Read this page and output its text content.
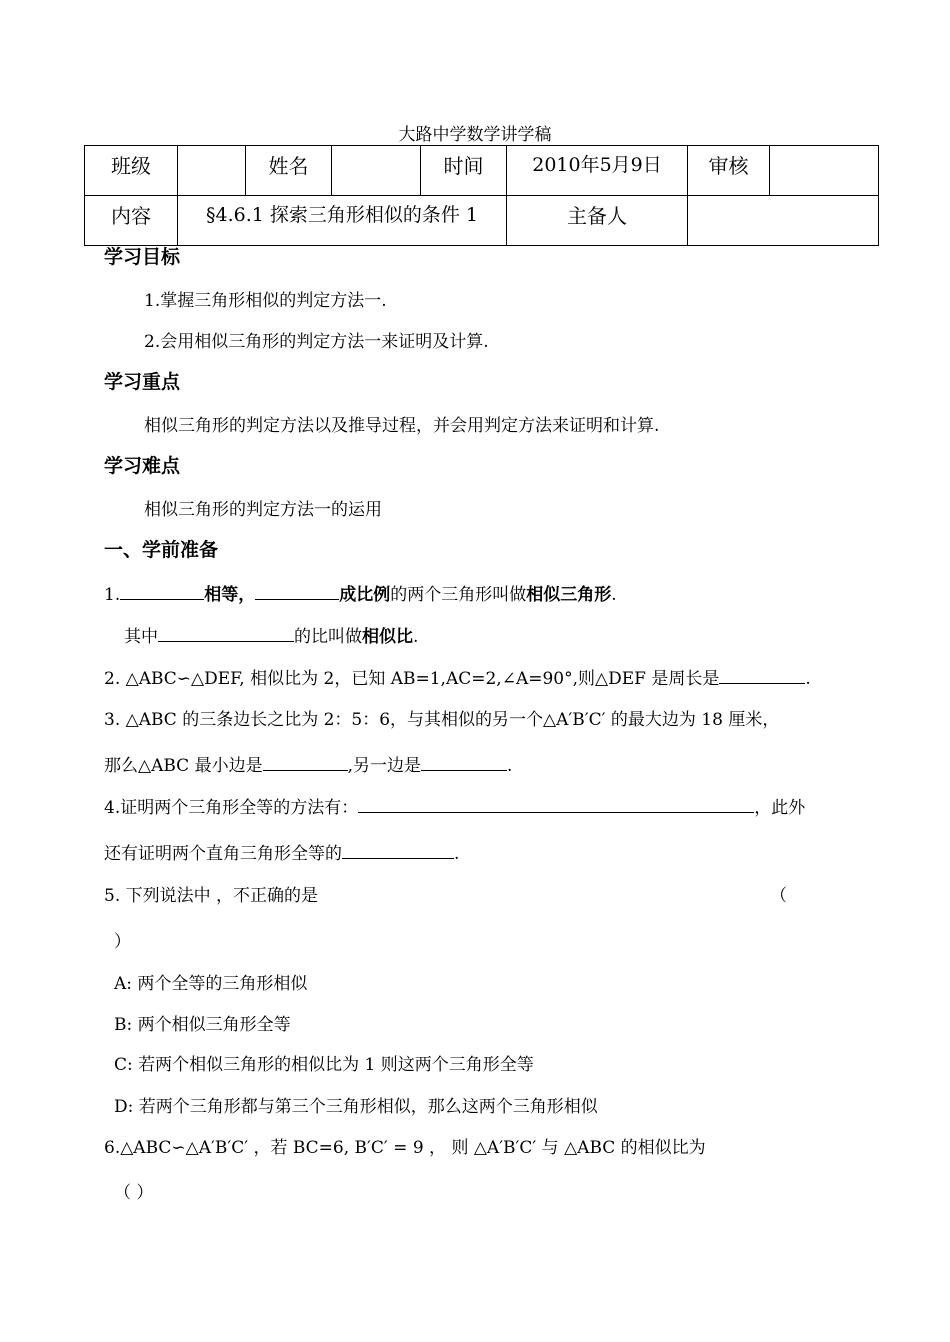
大路中学数学讲学稿
班级		姓名		时间	2010年5月9日	审核	
内容	§4.6.1 探索三角形相似的条件 1				主备人		
学习目标
1.掌握三角形相似的判定方法一.
2.会用相似三角形的判定方法一来证明及计算.
学习重点
相似三角形的判定方法以及推导过程，并会用判定方法来证明和计算.
学习难点
相似三角形的判定方法一的运用
一、学前准备
1.	相等，	成比例的两个三角形叫做相似三角形.
其中	的比叫做相似比.
2. △ABC∽△DEF, 相似比为 2，已知 AB=1,AC=2,∠A=90°,则△DEF 是周长是	.
3. △ABC 的三条边长之比为 2：5：6，与其相似的另一个△A′B′C′ 的最大边为 18 厘米，
那么△ABC 最小边是	,另一边是	.
4.证明两个三角形全等的方法有：	，此外
还有证明两个直角三角形全等的	.
5. 下列说法中 ，不正确的是	（
）
A: 两个全等的三角形相似
B: 两个相似三角形全等
C: 若两个相似三角形的相似比为 1 则这两个三角形全等
D: 若两个三角形都与第三个三角形相似，那么这两个三角形相似
6.△ABC∽△A′B′C′ ，若 BC=6, B′C′ = 9 ， 则 △A′B′C′ 与 △ABC 的相似比为
（ ）
